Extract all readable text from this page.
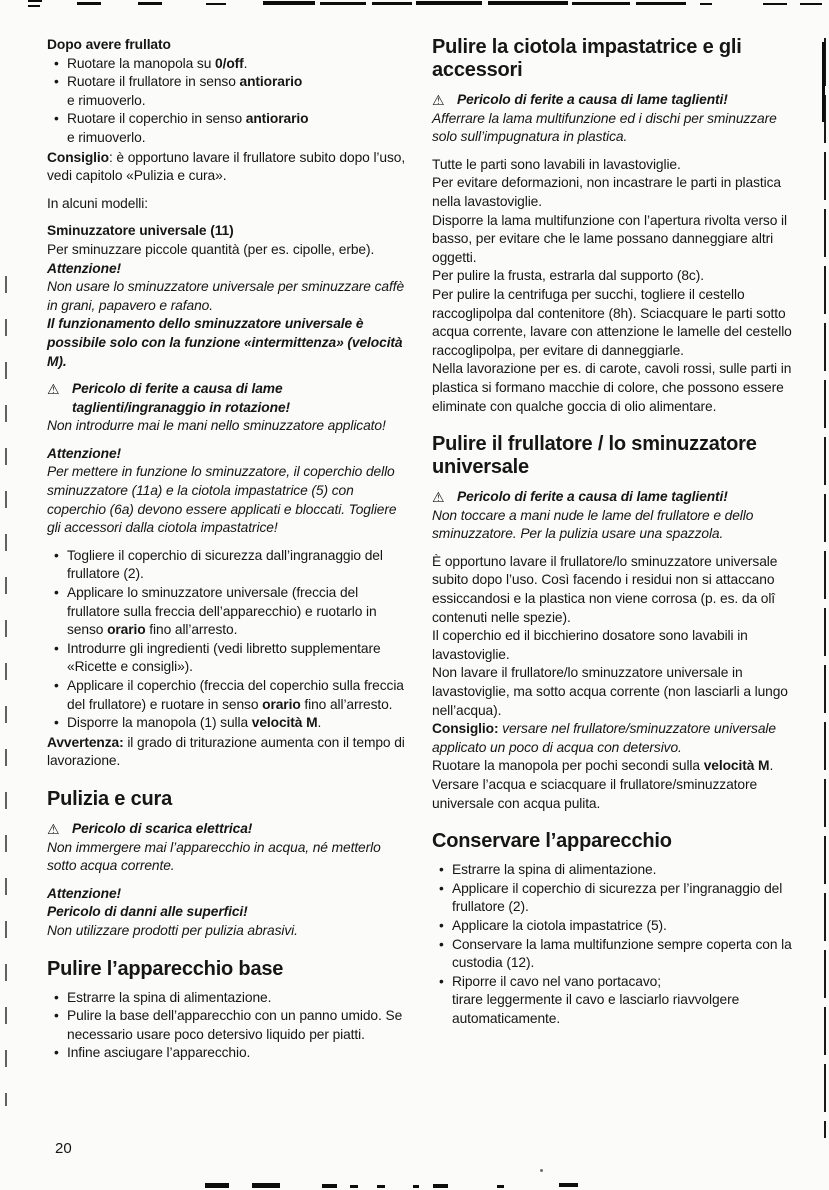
Dopo avere frullato
• Ruotare la manopola su 0/off.
• Ruotare il frullatore in senso antiorario
e rimuoverlo.
• Ruotare il coperchio in senso antiorario
e rimuoverlo.

Consiglio: è opportuno lavare il frullatore subito dopo l’uso, vedi capitolo «Pulizia e cura».

In alcuni modelli:

Sminuzzatore universale (11)

Per sminuzzare piccole quantità (per es. cipolle, erbe).
Attenzione!
Non usare lo sminuzzatore universale per sminuzzare caffè in grani, papavero e rafano.
Il funzionamento dello sminuzzatore universale è possibile solo con la funzione «intermittenza» (velocità M).

⚠ Pericolo di ferite a causa di lame taglienti/ingranaggio in rotazione!

Non introdurre mai le mani nello sminuzzatore applicato!

Attenzione!
Per mettere in funzione lo sminuzzatore, il coperchio dello sminuzzatore (11a) e la ciotola impastatrice (5) con coperchio (6a) devono essere applicati e bloccati. Togliere gli accessori dalla ciotola impastatrice!

• Togliere il coperchio di sicurezza dall’ingranaggio del frullatore (2).
• Applicare lo sminuzzatore universale (freccia del frullatore sulla freccia dell’apparecchio) e ruotarlo in senso orario fino all’arresto.
• Introdurre gli ingredienti (vedi libretto supplementare «Ricette e consigli»).
• Applicare il coperchio (freccia del coperchio sulla freccia del frullatore) e ruotare in senso orario fino all’arresto.
• Disporre la manopola (1) sulla velocità M.

Avvertenza: il grado di triturazione aumenta con il tempo di lavorazione.

Pulizia e cura

⚠ Pericolo di scarica elettrica!

Non immergere mai l’apparecchio in acqua, né metterlo sotto acqua corrente.

Attenzione!
Pericolo di danni alle superfici!
Non utilizzare prodotti per pulizia abrasivi.

Pulire l’apparecchio base
• Estrarre la spina di alimentazione.
• Pulire la base dell’apparecchio con un panno umido. Se necessario usare poco detersivo liquido per piatti.
• Infine asciugare l’apparecchio.
Pulire la ciotola impastatrice e gli accessori

⚠ Pericolo di ferite a causa di lame taglienti!

Afferrare la lama multifunzione ed i dischi per sminuzzare solo sull’impugnatura in plastica.

Tutte le parti sono lavabili in lavastoviglie.
Per evitare deformazioni, non incastrare le parti in plastica nella lavastoviglie.
Disporre la lama multifunzione con l’apertura rivolta verso il basso, per evitare che le lame possano danneggiare altri oggetti.
Per pulire la frusta, estrarla dal supporto (8c).
Per pulire la centrifuga per succhi, togliere il cestello raccoglipolpa dal contenitore (8h). Sciacquare le parti sotto acqua corrente, lavare con attenzione le lamelle del cestello raccoglipolpa, per evitare di danneggiarle.
Nella lavorazione per es. di carote, cavoli rossi, sulle parti in plastica si formano macchie di colore, che possono essere eliminate con qualche goccia di olio alimentare.

Pulire il frullatore / lo sminuzzatore universale

⚠ Pericolo di ferite a causa di lame taglienti!

Non toccare a mani nude le lame del frullatore e dello sminuzzatore. Per la pulizia usare una spazzola.

È opportuno lavare il frullatore/lo sminuzzatore universale subito dopo l’uso. Così facendo i residui non si attaccano essiccandosi e la plastica non viene corrosa (p. es. da olî contenuti nelle spezie).
Il coperchio ed il bicchierino dosatore sono lavabili in lavastoviglie.
Non lavare il frullatore/lo sminuzzatore universale in lavastoviglie, ma sotto acqua corrente (non lasciarli a lungo nell’acqua).
Consiglio: versare nel frullatore/sminuzzatore universale applicato un poco di acqua con detersivo.
Ruotare la manopola per pochi secondi sulla velocità M. Versare l’acqua e sciacquare il frullatore/sminuzzatore universale con acqua pulita.

Conservare l’apparecchio
• Estrarre la spina di alimentazione.
• Applicare il coperchio di sicurezza per l’ingranaggio del frullatore (2).
• Applicare la ciotola impastatrice (5).
• Conservare la lama multifunzione sempre coperta con la custodia (12).
• Riporre il cavo nel vano portacavo;
tirare leggermente il cavo e lasciarlo riavvolgere automaticamente.
20
